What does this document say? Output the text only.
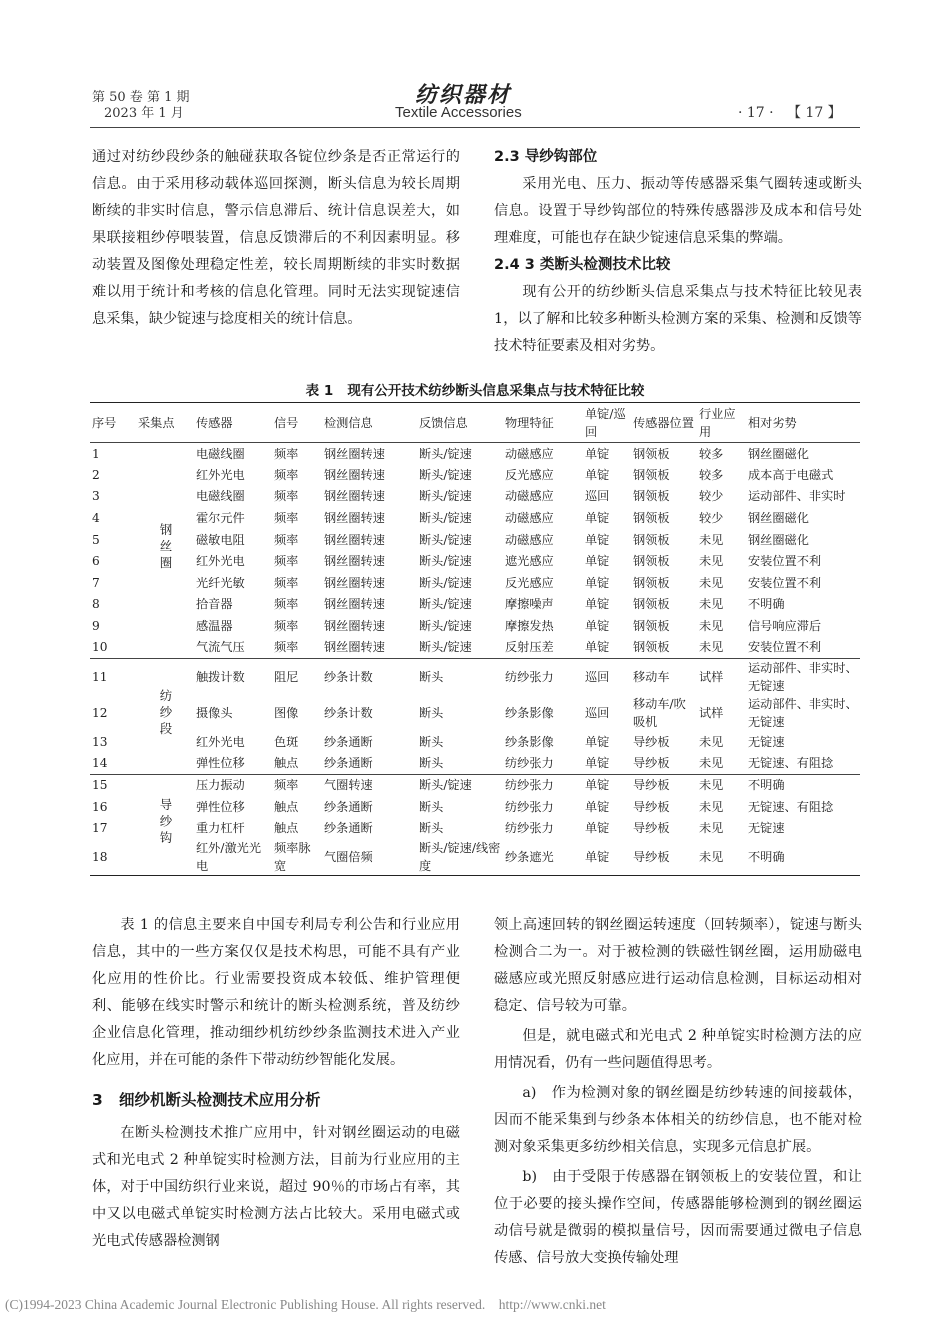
第 50 卷 第 1 期
2023 年 1 月
纺织器材
Textile Accessories	· 17 ·   【 17 】

通过对纺纱段纱条的触碰获取各锭位纱条是否正常运行的信息。由于采用移动载体巡回探测，断头信息为较长周期断续的非实时信息，警示信息滞后、统计信息误差大，如果联接粗纱停喂装置，信息反馈滞后的不利因素明显。移动装置及图像处理稳定性差，较长周期断续的非实时数据难以用于统计和考核的信息化管理。同时无法实现锭速信息采集，缺少锭速与捻度相关的统计信息。

2.3 导纱钩部位

采用光电、压力、振动等传感器采集气圈转速或断头信息。设置于导纱钩部位的特殊传感器涉及成本和信号处理难度，可能也存在缺少锭速信息采集的弊端。

2.4 3 类断头检测技术比较

现有公开的纺纱断头信息采集点与技术特征比较见表 1，以了解和比较多种断头检测方案的采集、检测和反馈等技术特征要素及相对劣势。

表 1   现有公开技术纺纱断头信息采集点与技术特征比较
序号	采集点	传感器	信号	检测信息	反馈信息	物理特征	单锭/巡回	传感器位置	行业应用	相对劣势
1	钢丝圈	电磁线圈	频率	钢丝圈转速	断头/锭速	动磁感应	单锭	钢领板	较多	钢丝圈磁化
2		红外光电	频率	钢丝圈转速	断头/锭速	反光感应	单锭	钢领板	较多	成本高于电磁式
3		电磁线圈	频率	钢丝圈转速	断头/锭速	动磁感应	巡回	钢领板	较少	运动部件、非实时
4		霍尔元件	频率	钢丝圈转速	断头/锭速	动磁感应	单锭	钢领板	较少	钢丝圈磁化
5		磁敏电阻	频率	钢丝圈转速	断头/锭速	动磁感应	单锭	钢领板	未见	钢丝圈磁化
6		红外光电	频率	钢丝圈转速	断头/锭速	遮光感应	单锭	钢领板	未见	安装位置不利
7		光纤光敏	频率	钢丝圈转速	断头/锭速	反光感应	单锭	钢领板	未见	安装位置不利
8		拾音器	频率	钢丝圈转速	断头/锭速	摩擦噪声	单锭	钢领板	未见	不明确
9		感温器	频率	钢丝圈转速	断头/锭速	摩擦发热	单锭	钢领板	未见	信号响应滞后
10		气流气压	频率	钢丝圈转速	断头/锭速	反射压差	单锭	钢领板	未见	安装位置不利
11	纺纱段	触拨计数	阻尼	纱条计数	断头	纺纱张力	巡回	移动车	试样	运动部件、非实时、无锭速
12		摄像头	图像	纱条计数	断头	纱条影像	巡回	移动车/吹吸机	试样	运动部件、非实时、无锭速
13		红外光电	色斑	纱条通断	断头	纱条影像	单锭	导纱板	未见	无锭速
14		弹性位移	触点	纱条通断	断头	纺纱张力	单锭	导纱板	未见	无锭速、有阻捻
15	导纱钩	压力振动	频率	气圈转速	断头/锭速	纺纱张力	单锭	导纱板	未见	不明确
16		弹性位移	触点	纱条通断	断头	纺纱张力	单锭	导纱板	未见	无锭速、有阻捻
17		重力杠杆	触点	纱条通断	断头	纺纱张力	单锭	导纱板	未见	无锭速
18		红外/激光光电	频率脉宽	气圈倍频	断头/锭速/线密度	纱条遮光	单锭	导纱板	未见	不明确

表 1 的信息主要来自中国专利局专利公告和行业应用信息，其中的一些方案仅仅是技术构思，可能不具有产业化应用的性价比。行业需要投资成本较低、维护管理便利、能够在线实时警示和统计的断头检测系统，普及纺纱企业信息化管理，推动细纱机纺纱纱条监测技术进入产业化应用，并在可能的条件下带动纺纱智能化发展。

3   细纱机断头检测技术应用分析

在断头检测技术推广应用中，针对钢丝圈运动的电磁式和光电式 2 种单锭实时检测方法，目前为行业应用的主体，对于中国纺织行业来说，超过 90％的市场占有率，其中又以电磁式单锭实时检测方法占比较大。采用电磁式或光电式传感器检测钢

领上高速回转的钢丝圈运转速度（回转频率），锭速与断头检测合二为一。对于被检测的铁磁性钢丝圈，运用励磁电磁感应或光照反射感应进行运动信息检测，目标运动相对稳定、信号较为可靠。

但是，就电磁式和光电式 2 种单锭实时检测方法的应用情况看，仍有一些问题值得思考。

a)　作为检测对象的钢丝圈是纺纱转速的间接载体，因而不能采集到与纱条本体相关的纺纱信息，也不能对检测对象采集更多纺纱相关信息，实现多元信息扩展。

b)　由于受限于传感器在钢领板上的安装位置，和让位于必要的接头操作空间，传感器能够检测到的钢丝圈运动信号就是微弱的模拟量信号，因而需要通过微电子信息传感、信号放大变换传输处理

(C)1994-2023 China Academic Journal Electronic Publishing House. All rights reserved.    http://www.cnki.net
